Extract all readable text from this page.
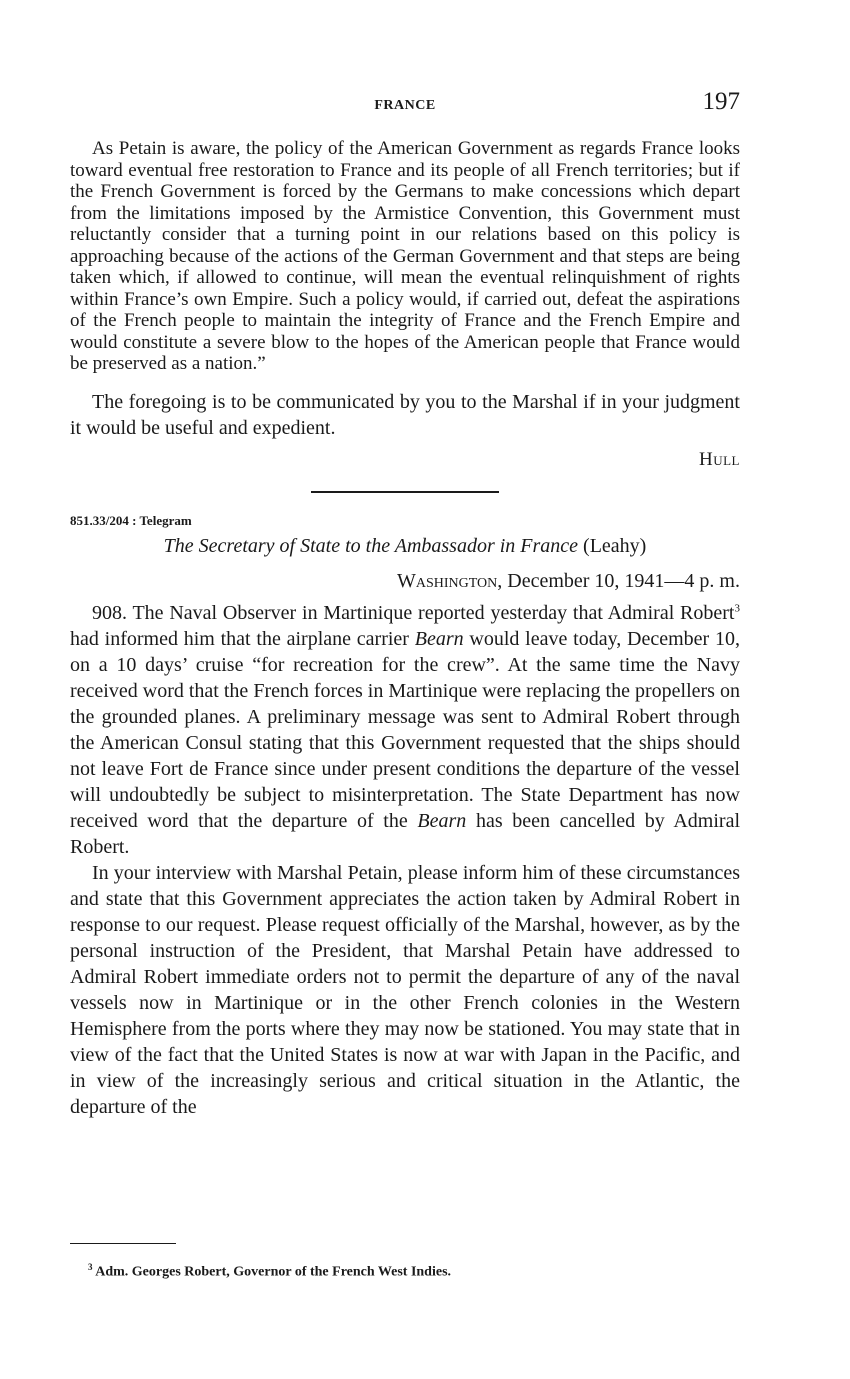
FRANCE	197

As Petain is aware, the policy of the American Government as regards France looks toward eventual free restoration to France and its people of all French territories; but if the French Government is forced by the Germans to make concessions which depart from the limitations imposed by the Armistice Convention, this Government must reluctantly consider that a turning point in our relations based on this policy is approaching because of the actions of the German Government and that steps are being taken which, if allowed to continue, will mean the eventual relinquishment of rights within France’s own Empire. Such a policy would, if carried out, defeat the aspirations of the French people to maintain the integrity of France and the French Empire and would constitute a severe blow to the hopes of the American people that France would be preserved as a nation.”

The foregoing is to be communicated by you to the Marshal if in your judgment it would be useful and expedient.

Hull
851.33/204 : Telegram
The Secretary of State to the Ambassador in France (Leahy)
Washington, December 10, 1941—4 p. m.

908. The Naval Observer in Martinique reported yesterday that Admiral Robert$^3$ had informed him that the airplane carrier Bearn would leave today, December 10, on a 10 days’ cruise “for recreation for the crew”. At the same time the Navy received word that the French forces in Martinique were replacing the propellers on the grounded planes. A preliminary message was sent to Admiral Robert through the American Consul stating that this Government requested that the ships should not leave Fort de France since under present conditions the departure of the vessel will undoubtedly be subject to misinterpretation. The State Department has now received word that the departure of the Bearn has been cancelled by Admiral Robert.

In your interview with Marshal Petain, please inform him of these circumstances and state that this Government appreciates the action taken by Admiral Robert in response to our request. Please request officially of the Marshal, however, as by the personal instruction of the President, that Marshal Petain have addressed to Admiral Robert immediate orders not to permit the departure of any of the naval vessels now in Martinique or in the other French colonies in the Western Hemisphere from the ports where they may now be stationed. You may state that in view of the fact that the United States is now at war with Japan in the Pacific, and in view of the increasingly serious and critical situation in the Atlantic, the departure of the

$^3$ Adm. Georges Robert, Governor of the French West Indies.
